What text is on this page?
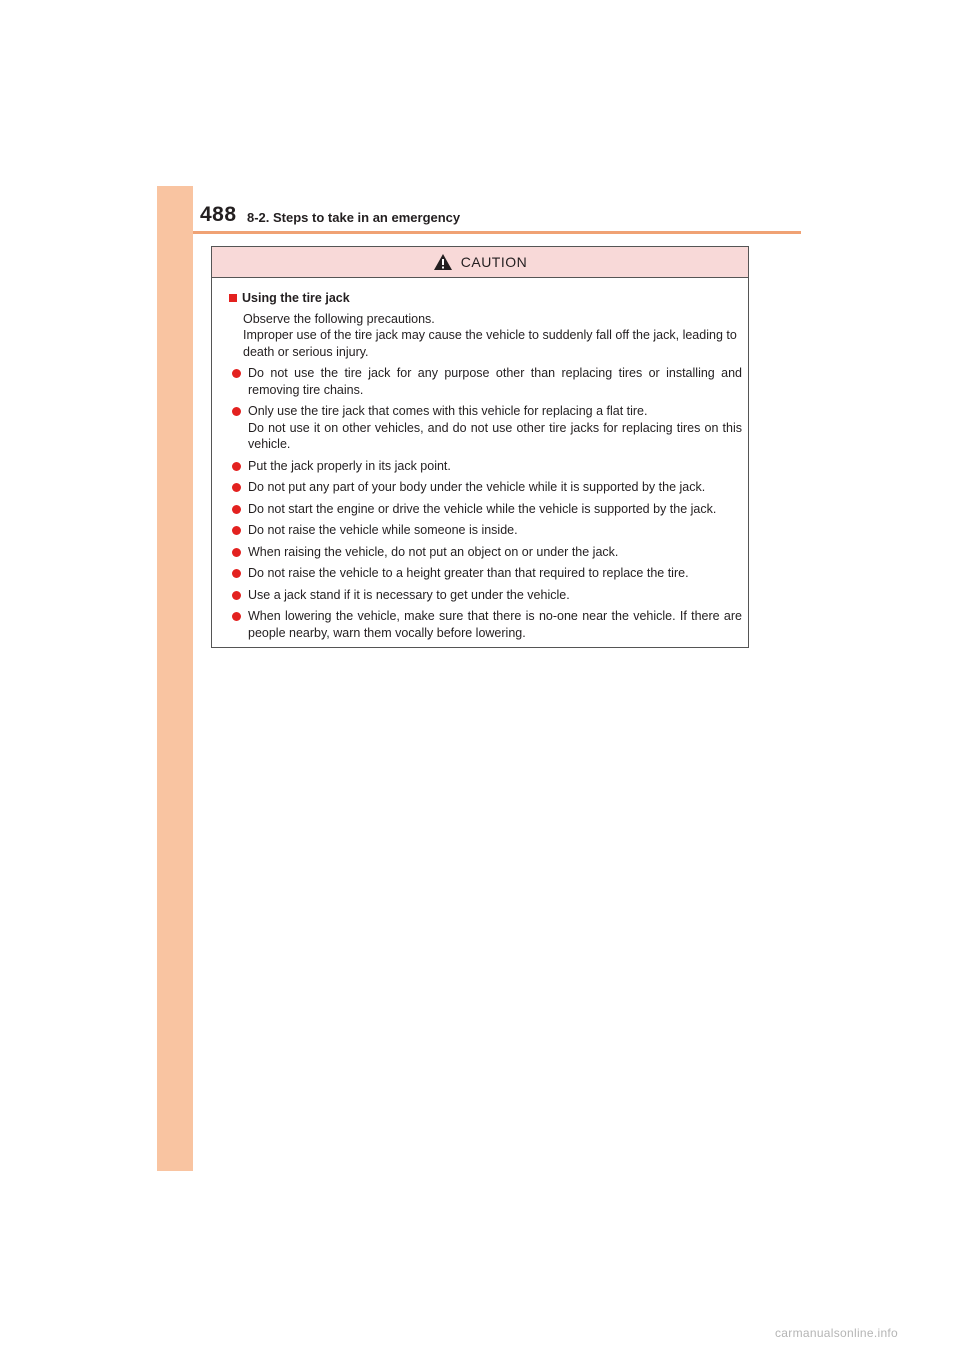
488 8-2. Steps to take in an emergency
CAUTION
Using the tire jack
Observe the following precautions.
Improper use of the tire jack may cause the vehicle to suddenly fall off the jack, leading to death or serious injury.
Do not use the tire jack for any purpose other than replacing tires or installing and removing tire chains.
Only use the tire jack that comes with this vehicle for replacing a flat tire.
Do not use it on other vehicles, and do not use other tire jacks for replacing tires on this vehicle.
Put the jack properly in its jack point.
Do not put any part of your body under the vehicle while it is supported by the jack.
Do not start the engine or drive the vehicle while the vehicle is supported by the jack.
Do not raise the vehicle while someone is inside.
When raising the vehicle, do not put an object on or under the jack.
Do not raise the vehicle to a height greater than that required to replace the tire.
Use a jack stand if it is necessary to get under the vehicle.
When lowering the vehicle, make sure that there is no-one near the vehicle. If there are people nearby, warn them vocally before lowering.
carmanualsonline.info
